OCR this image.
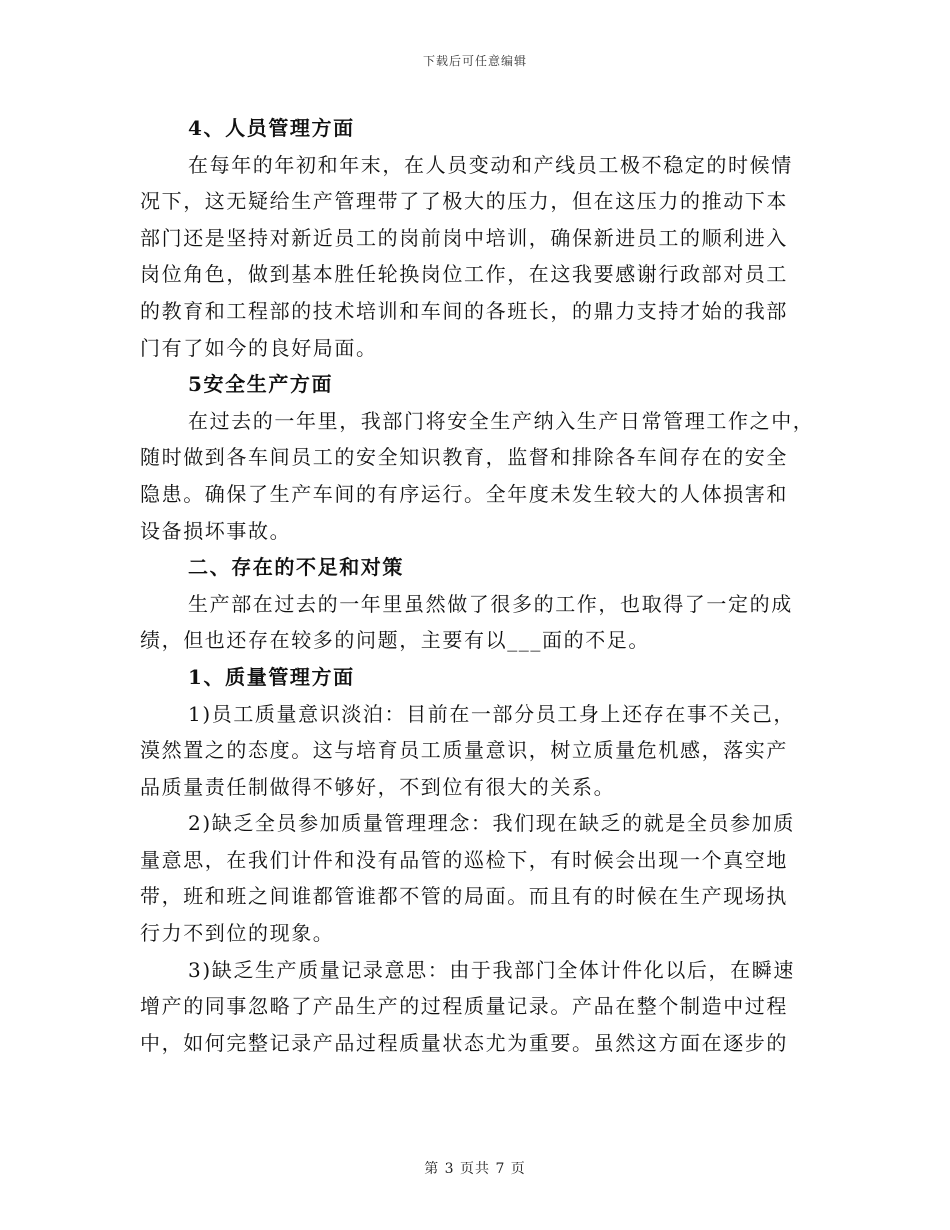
下载后可任意编辑
4、人员管理方面
在每年的年初和年末，在人员变动和产线员工极不稳定的时候情
况下，这无疑给生产管理带了了极大的压力，但在这压力的推动下本
部门还是坚持对新近员工的岗前岗中培训，确保新进员工的顺利进入
岗位角色，做到基本胜任轮换岗位工作，在这我要感谢行政部对员工
的教育和工程部的技术培训和车间的各班长，的鼎力支持才始的我部
门有了如今的良好局面。
5安全生产方面
在过去的一年里，我部门将安全生产纳入生产日常管理工作之中，
随时做到各车间员工的安全知识教育，监督和排除各车间存在的安全
隐患。确保了生产车间的有序运行。全年度未发生较大的人体损害和
设备损坏事故。
二、存在的不足和对策
生产部在过去的一年里虽然做了很多的工作，也取得了一定的成
绩，但也还存在较多的问题，主要有以___面的不足。
1、质量管理方面
1)员工质量意识淡泊：目前在一部分员工身上还存在事不关己，
漠然置之的态度。这与培育员工质量意识，树立质量危机感，落实产
品质量责任制做得不够好，不到位有很大的关系。
2)缺乏全员参加质量管理理念：我们现在缺乏的就是全员参加质
量意思，在我们计件和没有品管的巡检下，有时候会出现一个真空地
带，班和班之间谁都管谁都不管的局面。而且有的时候在生产现场执
行力不到位的现象。
3)缺乏生产质量记录意思：由于我部门全体计件化以后，在瞬速
增产的同事忽略了产品生产的过程质量记录。产品在整个制造中过程
中，如何完整记录产品过程质量状态尤为重要。虽然这方面在逐步的
第 3 页共 7 页
